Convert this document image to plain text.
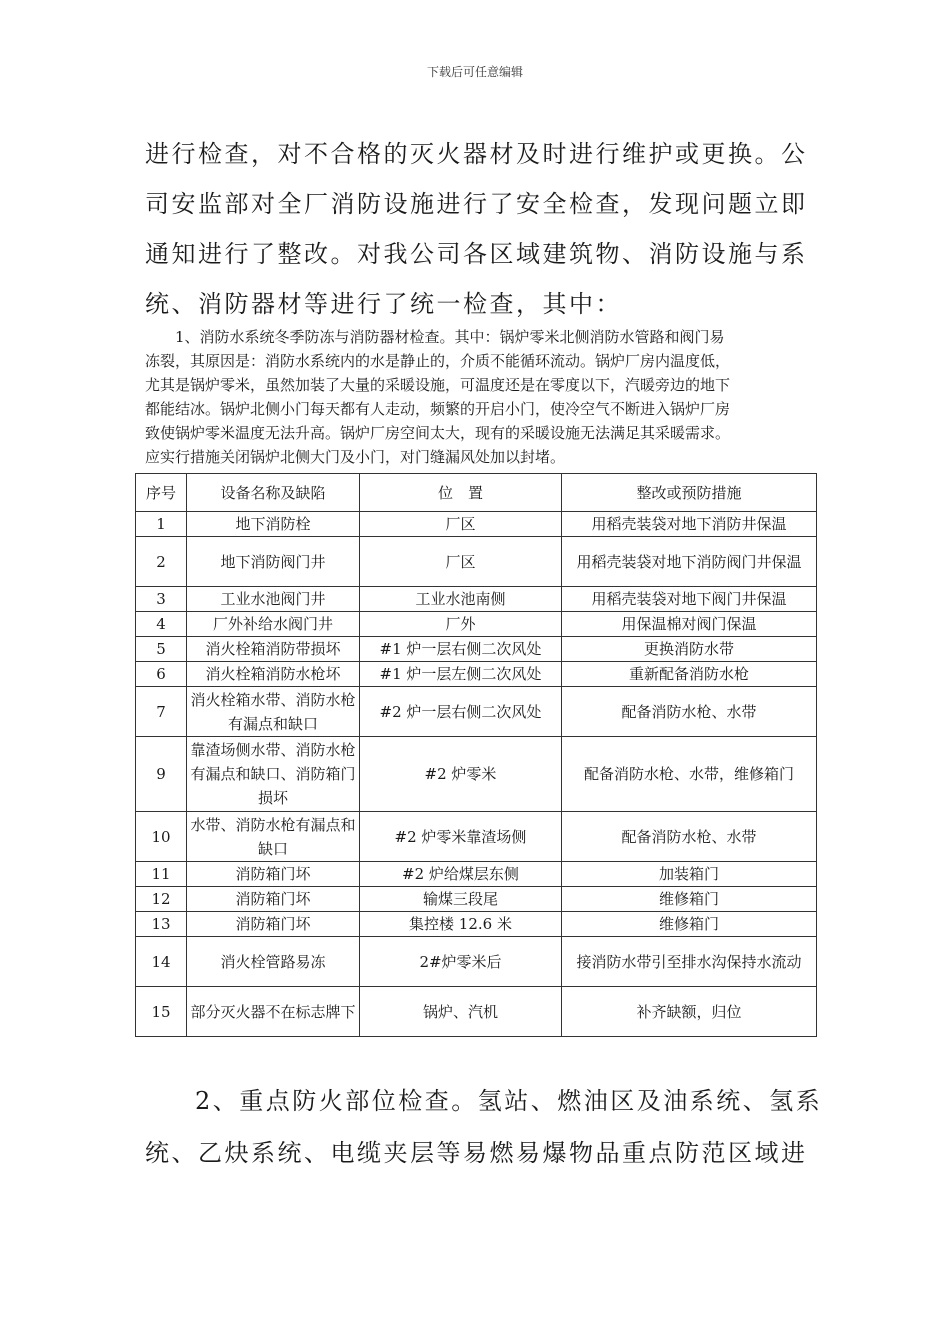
下载后可任意编辑
进行检查，对不合格的灭火器材及时进行维护或更换。公
司安监部对全厂消防设施进行了安全检查，发现问题立即
通知进行了整改。对我公司各区域建筑物、消防设施与系
统、消防器材等进行了统一检查，其中：
1、消防水系统冬季防冻与消防器材检查。其中：锅炉零米北侧消防水管路和阀门易
冻裂，其原因是：消防水系统内的水是静止的，介质不能循环流动。锅炉厂房内温度低，
尤其是锅炉零米，虽然加装了大量的采暖设施，可温度还是在零度以下，汽暖旁边的地下
都能结冰。锅炉北侧小门每天都有人走动，频繁的开启小门，使冷空气不断进入锅炉厂房
致使锅炉零米温度无法升高。锅炉厂房空间太大，现有的采暖设施无法满足其采暖需求。
应实行措施关闭锅炉北侧大门及小门，对门缝漏风处加以封堵。
序号	设备名称及缺陷	位　置	整改或预防措施
1	地下消防栓	厂区	用稻壳装袋对地下消防井保温
2	地下消防阀门井	厂区	用稻壳装袋对地下消防阀门井保温
3	工业水池阀门井	工业水池南侧	用稻壳装袋对地下阀门井保温
4	厂外补给水阀门井	厂外	用保温棉对阀门保温
5	消火栓箱消防带损坏	#1 炉一层右侧二次风处	更换消防水带
6	消火栓箱消防水枪坏	#1 炉一层左侧二次风处	重新配备消防水枪
7	消火栓箱水带、消防水枪有漏点和缺口	#2 炉一层右侧二次风处	配备消防水枪、水带
9	靠渣场侧水带、消防水枪有漏点和缺口、消防箱门损坏	#2 炉零米	配备消防水枪、水带，维修箱门
10	水带、消防水枪有漏点和缺口	#2 炉零米靠渣场侧	配备消防水枪、水带
11	消防箱门坏	#2 炉给煤层东侧	加装箱门
12	消防箱门坏	输煤三段尾	维修箱门
13	消防箱门坏	集控楼 12.6 米	维修箱门
14	消火栓管路易冻	2#炉零米后	接消防水带引至排水沟保持水流动
15	部分灭火器不在标志牌下	锅炉、汽机	补齐缺额，归位
2、重点防火部位检查。氢站、燃油区及油系统、氢系
统、乙炔系统、电缆夹层等易燃易爆物品重点防范区域进
